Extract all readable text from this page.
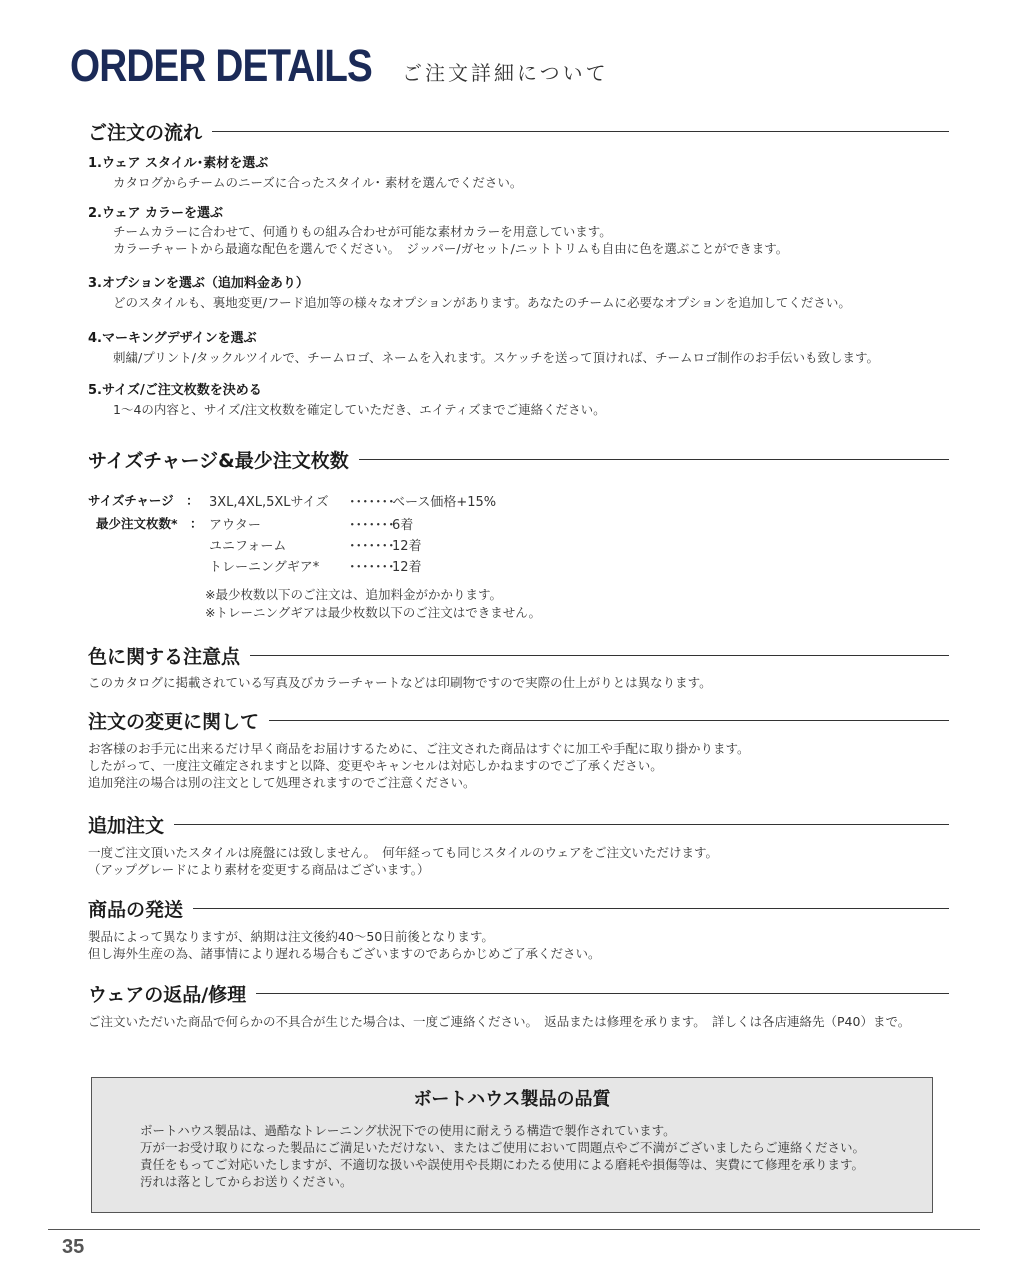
ORDER DETAILS ご注文詳細について
ご注文の流れ
1.ウェア スタイル･素材を選ぶ
カタログからチームのニーズに合ったスタイル･ 素材を選んでください。
2.ウェア カラーを選ぶ
チームカラーに合わせて、何通りもの組み合わせが可能な素材カラーを用意しています。
カラーチャートから最適な配色を選んでください。　ジッパー/ガセット/ニットトリムも自由に色を選ぶことができます。
3.オプションを選ぶ（追加料金あり）
どのスタイルも、裏地変更/フード追加等の様々なオプションがあります。あなたのチームに必要なオプションを追加してください。
4.マーキングデザインを選ぶ
刺繍/プリント/タックルツイルで、チームロゴ、ネームを入れます。スケッチを送って頂ければ、チームロゴ制作のお手伝いも致します。
5.サイズ/ご注文枚数を決める
1～4の内容と、サイズ/注文枚数を確定していただき、エイティズまでご連絡ください。
サイズチャージ&最少注文枚数
サイズチャージ　： 3XL,4XL,5XLサイズ ･･･････
ベース価格+15%
最少注文枚数*　： アウター	･･･････
6着
ユニフォーム	･･･････
12着
トレーニングギア* ･･･････
12着
※最少枚数以下のご注文は、追加料金がかかります。
※トレーニングギアは最少枚数以下のご注文はできません。
色に関する注意点
このカタログに掲載されている写真及びカラーチャートなどは印刷物ですので実際の仕上がりとは異なります。
注文の変更に関して
お客様のお手元に出来るだけ早く商品をお届けするために、ご注文された商品はすぐに加工や手配に取り掛かります。
したがって、一度注文確定されますと以降、変更やキャンセルは対応しかねますのでご了承ください。
追加発注の場合は別の注文として処理されますのでご注意ください。
追加注文
一度ご注文頂いたスタイルは廃盤には致しません。　何年経っても同じスタイルのウェアをご注文いただけます。
（アップグレードにより素材を変更する商品はございます。）
商品の発送
製品によって異なりますが、納期は注文後約40～50日前後となります。
但し海外生産の為、諸事情により遅れる場合もございますのであらかじめご了承ください。
ウェアの返品/修理
ご注文いただいた商品で何らかの不具合が生じた場合は、一度ご連絡ください。　返品または修理を承ります。　詳しくは各店連絡先（P40）まで。
ボートハウス製品の品質
ボートハウス製品は、過酷なトレーニング状況下での使用に耐えうる構造で製作されています。
万が一お受け取りになった製品にご満足いただけない、またはご使用において問題点やご不満がございましたらご連絡ください。
責任をもってご対応いたしますが、不適切な扱いや誤使用や長期にわたる使用による磨耗や損傷等は、実費にて修理を承ります。
汚れは落としてからお送りください。
35
